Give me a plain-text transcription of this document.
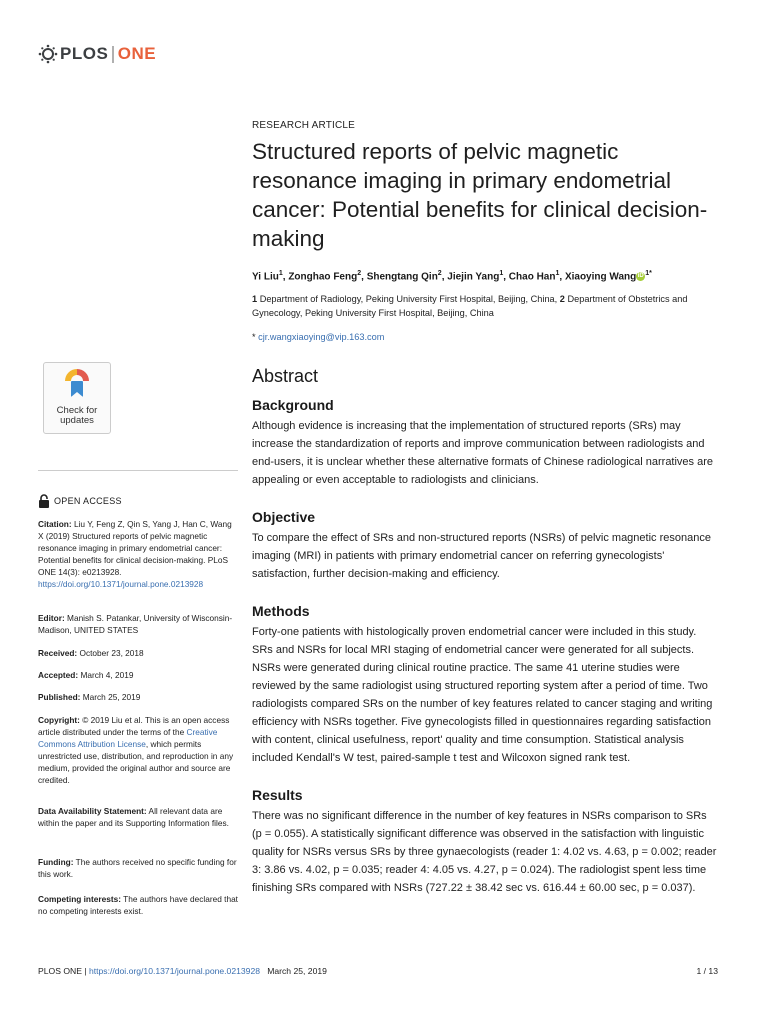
PLOS ONE
Check for updates
OPEN ACCESS

Citation: Liu Y, Feng Z, Qin S, Yang J, Han C, Wang X (2019) Structured reports of pelvic magnetic resonance imaging in primary endometrial cancer: Potential benefits for clinical decision-making. PLoS ONE 14(3): e0213928. https://doi.org/10.1371/journal.pone.0213928

Editor: Manish S. Patankar, University of Wisconsin-Madison, UNITED STATES

Received: October 23, 2018

Accepted: March 4, 2019

Published: March 25, 2019

Copyright: © 2019 Liu et al. This is an open access article distributed under the terms of the Creative Commons Attribution License, which permits unrestricted use, distribution, and reproduction in any medium, provided the original author and source are credited.

Data Availability Statement: All relevant data are within the paper and its Supporting Information files.

Funding: The authors received no specific funding for this work.

Competing interests: The authors have declared that no competing interests exist.

RESEARCH ARTICLE

Structured reports of pelvic magnetic resonance imaging in primary endometrial cancer: Potential benefits for clinical decision-making
Yi Liu$^1$, Zonghao Feng$^2$, Shengtang Qin$^2$, Jiejin Yang$^1$, Chao Han$^1$, Xiaoying Wang iD $^{1*}$
1 Department of Radiology, Peking University First Hospital, Beijing, China, 2 Department of Obstetrics and Gynecology, Peking University First Hospital, Beijing, China
* cjr.wangxiaoying@vip.163.com
Abstract
Background

Although evidence is increasing that the implementation of structured reports (SRs) may increase the standardization of reports and improve communication between radiologists and end-users, it is unclear whether these alternative formats of Chinese radiological narratives are appealing or even acceptable to radiologists and clinicians.

Objective

To compare the effect of SRs and non-structured reports (NSRs) of pelvic magnetic resonance imaging (MRI) in patients with primary endometrial cancer on referring gynecologists' satisfaction, further decision-making and efficiency.

Methods

Forty-one patients with histologically proven endometrial cancer were included in this study. SRs and NSRs for local MRI staging of endometrial cancer were generated for all subjects. NSRs were generated during clinical routine practice. The same 41 uterine studies were reviewed by the same radiologist using structured reporting system after a period of time. Two radiologists compared SRs on the number of key features related to cancer staging and writing efficiency with NSRs together. Five gynecologists filled in questionnaires regarding satisfaction with content, clinical usefulness, report' quality and time consumption. Statistical analysis included Kendall's W test, paired-sample t test and Wilcoxon signed rank test.

Results

There was no significant difference in the number of key features in NSRs comparison to SRs (p = 0.055). A statistically significant difference was observed in the satisfaction with linguistic quality for NSRs versus SRs by three gynaecologists (reader 1: 4.02 vs. 4.63, p = 0.002; reader 3: 3.86 vs. 4.02, p = 0.035; reader 4: 4.05 vs. 4.27, p = 0.024). The radiologist spent less time finishing SRs compared with NSRs (727.22 ± 38.42 sec vs. 616.44 ± 60.00 sec, p = 0.037).

PLOS ONE | https://doi.org/10.1371/journal.pone.0213928 March 25, 2019	1 / 13
